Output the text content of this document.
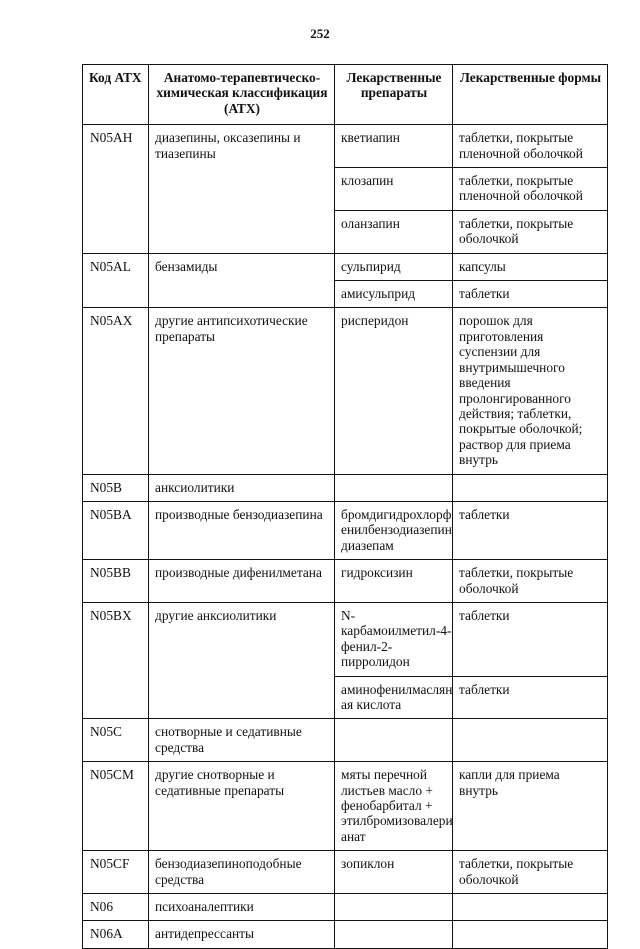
252
Код АТХ	Анатомо-терапевтическо-химическая классификация (АТХ)	Лекарственные препараты	Лекарственные формы
N05AH	диазепины, оксазепины и тиазепины	кветиапин	таблетки, покрытые пленочной оболочкой
		клозапин	таблетки, покрытые пленочной оболочкой
		оланзапин	таблетки, покрытые оболочкой
N05AL	бензамиды	сульпирид	капсулы
		амисульприд	таблетки
N05AX	другие антипсихотические препараты	рисперидон	порошок для приготовления суспензии для внутримышечного введения пролонгированного действия; таблетки, покрытые оболочкой; раствор для приема внутрь
N05B	анксиолитики		
N05BA	производные бензодиазепина	бромдигидрохлорф енилбензодиазепин диазепам	таблетки
N05BB	производные дифенилметана	гидроксизин	таблетки, покрытые оболочкой
N05BX	другие анксиолитики	N-карбамоилметил-4-фенил-2-пирролидон	таблетки
		аминофенилмаслян ая кислота	таблетки
N05C	снотворные и седативные средства		
N05CM	другие снотворные и седативные препараты	мяты перечной листьев масло + фенобарбитал + этилбромизовалери анат	капли для приема внутрь
N05CF	бензодиазепиноподобные средства	зопиклон	таблетки, покрытые оболочкой
N06	психоаналептики		
N06A	антидепрессанты		
